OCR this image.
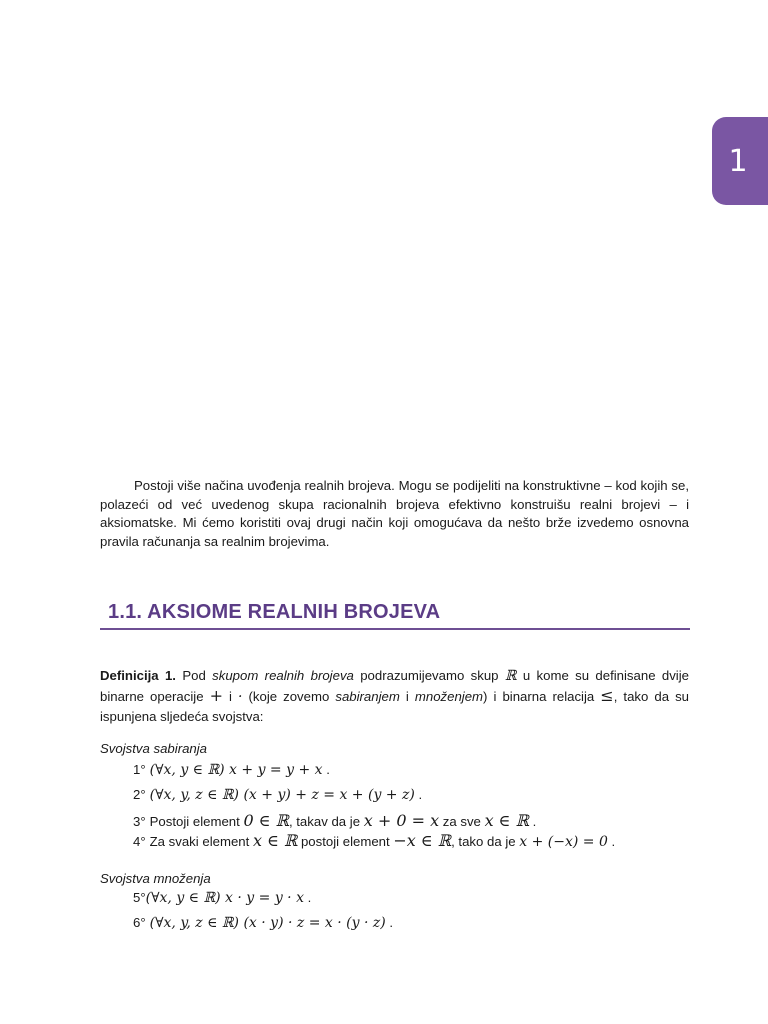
1

Postoji više načina uvođenja realnih brojeva. Mogu se podijeliti na konstruktivne – kod kojih se, polazeći od već uvedenog skupa racionalnih brojeva efektivno konstruišu realni brojevi – i aksiomatske. Mi ćemo koristiti ovaj drugi način koji omogućava da nešto brže izvedemo osnovna pravila računanja sa realnim brojevima.

1.1. AKSIOME REALNIH BROJEVA

Definicija 1. Pod skupom realnih brojeva podrazumijevamo skup ℝ u kome su definisane dvije binarne operacije + i · (koje zovemo sabiranjem i množenjem) i binarna relacija ≤, tako da su ispunjena sljedeća svojstva:

Svojstva sabiranja
1° (∀x, y ∈ ℝ) x + y = y + x .
2° (∀x, y, z ∈ ℝ) (x + y) + z = x + (y + z) .
3° Postoji element 0 ∈ ℝ, takav da je x + 0 = x za sve x ∈ ℝ .
4° Za svaki element x ∈ ℝ postoji element −x ∈ ℝ, tako da je x + (−x) = 0 .
Svojstva množenja
5°(∀x, y ∈ ℝ) x · y = y · x .
6° (∀x, y, z ∈ ℝ) (x · y) · z = x · (y · z) .
